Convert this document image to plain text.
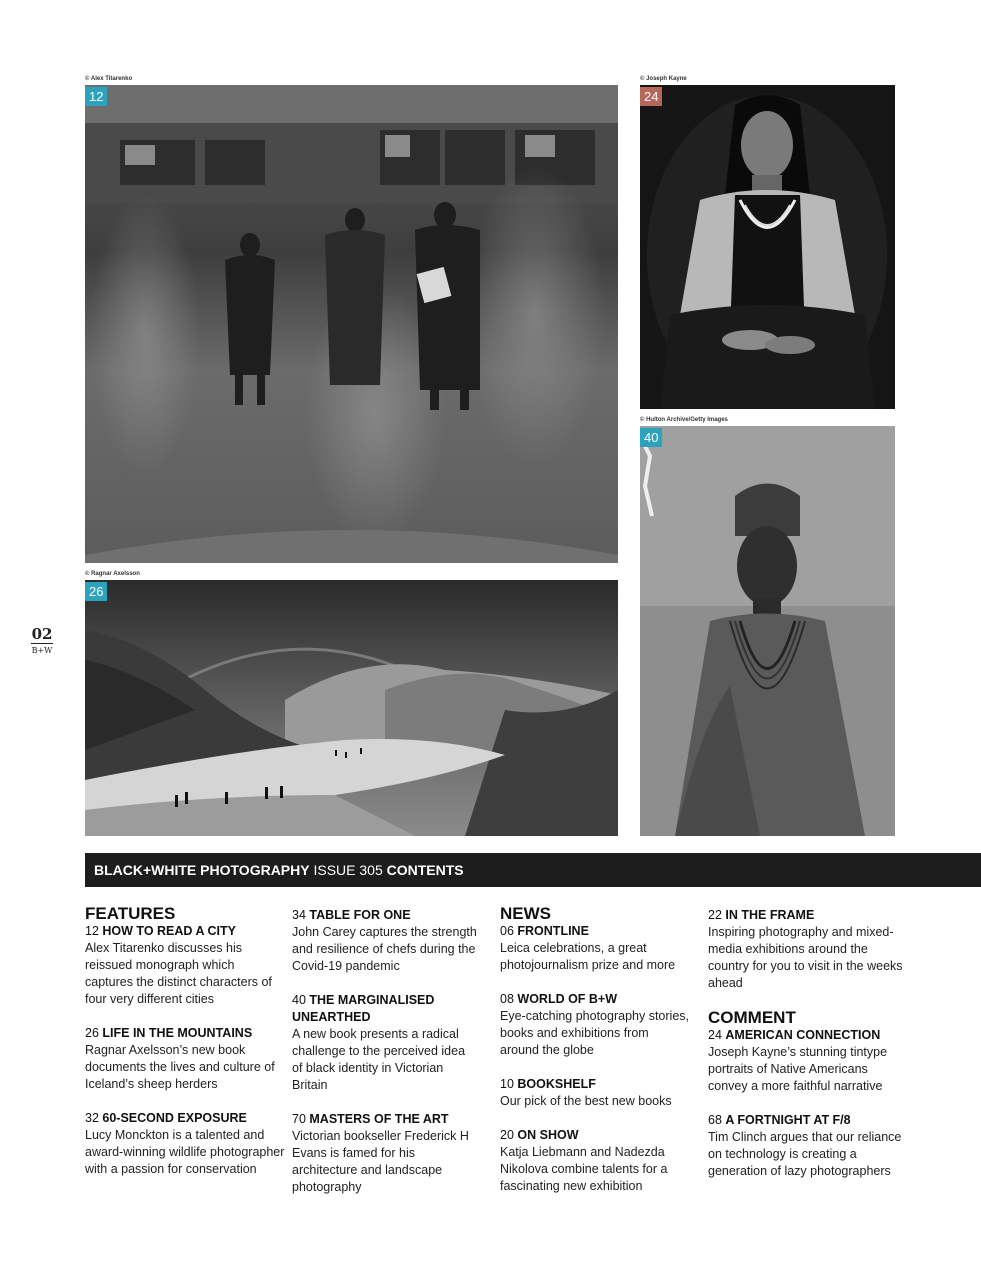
02
B+W
© Alex Titarenko
12
© Joseph Kayne
24
© Hulton Archive/Getty Images
40
© Ragnar Axelsson
26
BLACK+WHITE PHOTOGRAPHY ISSUE 305 CONTENTS
FEATURES
12 HOW TO READ A CITY
Alex Titarenko discusses his reissued monograph which captures the distinct characters of four very different cities
26 LIFE IN THE MOUNTAINS
Ragnar Axelsson’s new book documents the lives and culture of Iceland’s sheep herders
32 60-SECOND EXPOSURE
Lucy Monckton is a talented and award-winning wildlife photographer with a passion for conservation
34 TABLE FOR ONE
John Carey captures the strength and resilience of chefs during the Covid-19 pandemic
40 THE MARGINALISED UNEARTHED
A new book presents a radical challenge to the perceived idea of black identity in Victorian Britain
70 MASTERS OF THE ART
Victorian bookseller Frederick H Evans is famed for his architecture and landscape photography
NEWS
06 FRONTLINE
Leica celebrations, a great photojournalism prize and more
08 WORLD OF B+W
Eye-catching photography stories, books and exhibitions from around the globe
10 BOOKSHELF
Our pick of the best new books
20 ON SHOW
Katja Liebmann and Nadezda Nikolova combine talents for a fascinating new exhibition
22 IN THE FRAME
Inspiring photography and mixed-media exhibitions around the country for you to visit in the weeks ahead
COMMENT
24 AMERICAN CONNECTION
Joseph Kayne’s stunning tintype portraits of Native Americans convey a more faithful narrative
68 A FORTNIGHT AT F/8
Tim Clinch argues that our reliance on technology is creating a generation of lazy photographers
